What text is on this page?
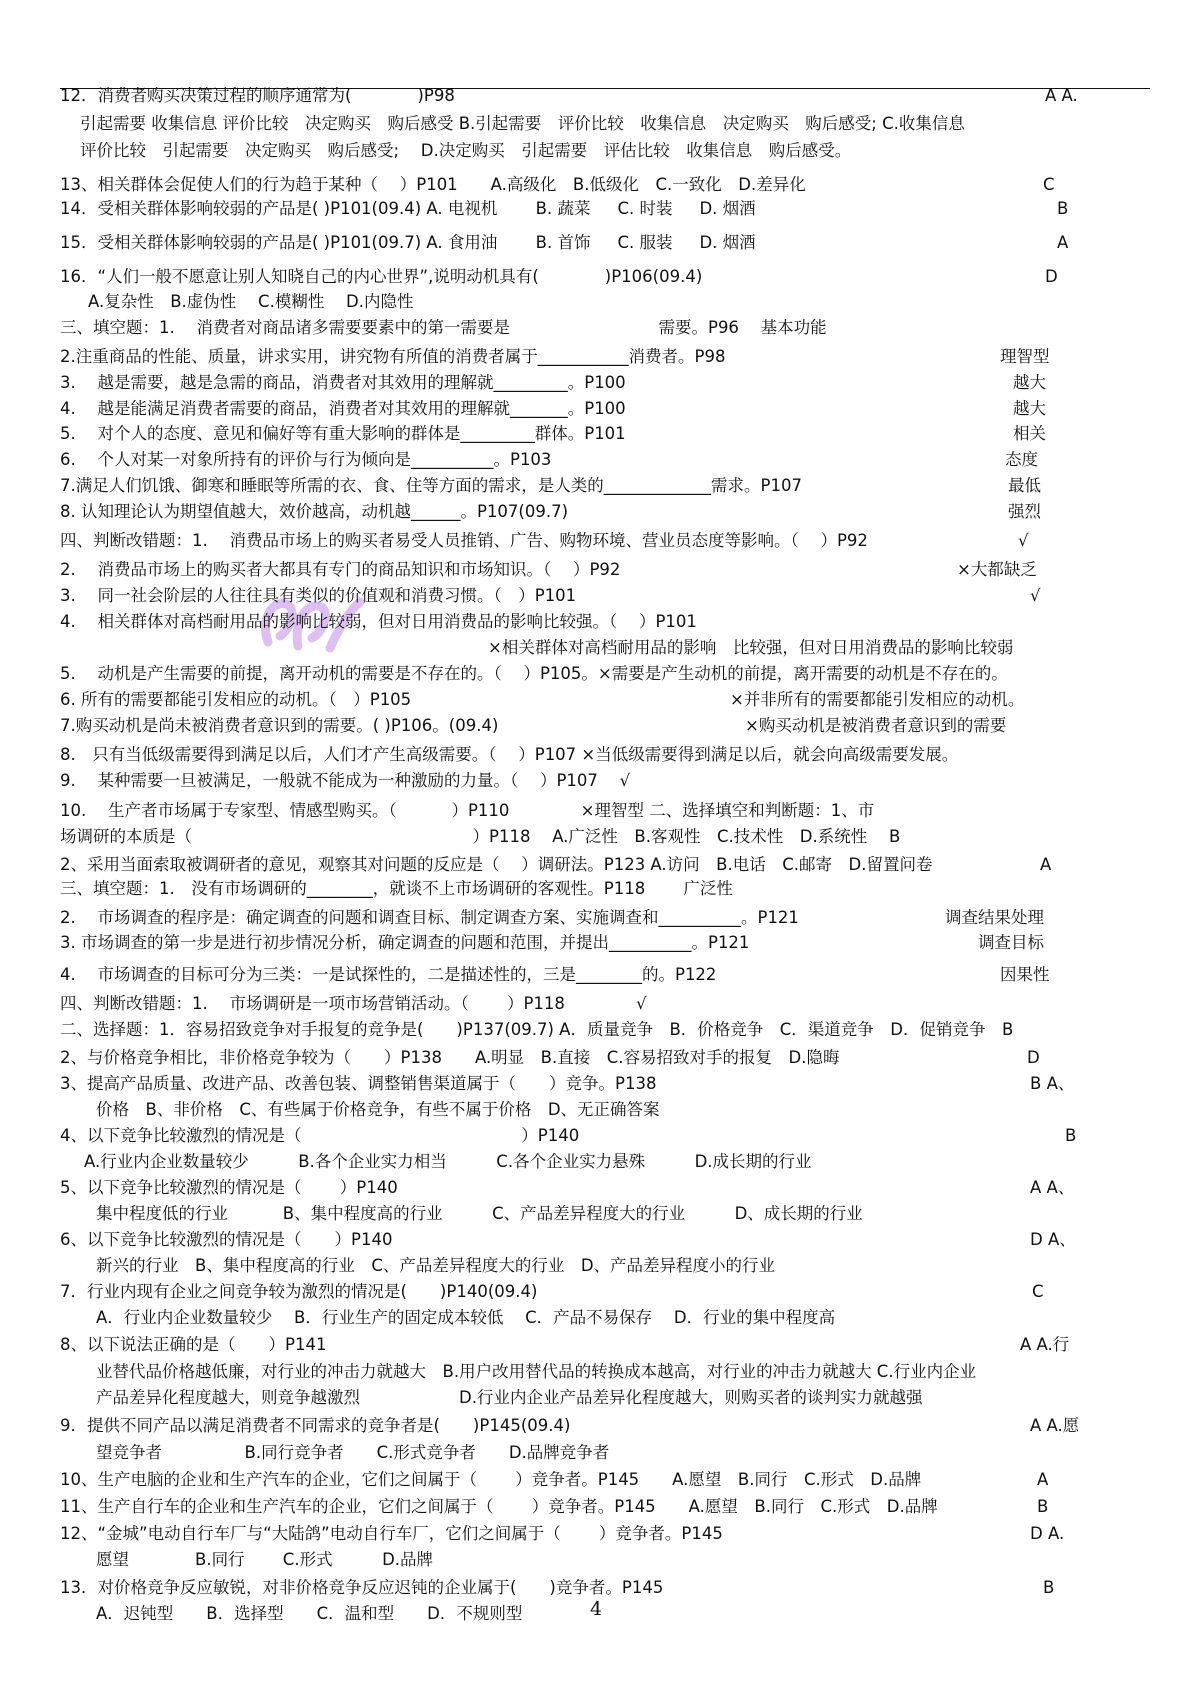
12．消费者购买决策过程的顺序通常为(　　　　)P98	A A.
引起需要 收集信息 评价比较　决定购买　购后感受 B.引起需要　评价比较　收集信息　决定购买　购后感受; C.收集信息
评价比较　引起需要　决定购买　购后感受;　 D.决定购买　引起需要　评估比较　收集信息　购后感受。
13、相关群体会促使人们的行为趋于某种（　 ）P101　　A.高级化　B.低级化　C.一致化　D.差异化	C
14．受相关群体影响较弱的产品是( )P101(09.4) A. 电视机 　　B. 蔬菜 　 C. 时装 　 D. 烟酒	B
15．受相关群体影响较弱的产品是( )P101(09.7) A. 食用油 　　B. 首饰 　 C. 服装 　 D. 烟酒	A
16．“人们一般不愿意让别人知晓自己的内心世界”,说明动机具有(　　　　)P106(09.4)	D
A.复杂性　B.虚伪性　 C.模糊性　 D.内隐性
三、填空题：1.　 消费者对商品诸多需要要素中的第一需要是　　　　　　　　　需要。P96　 基本功能
2.注重商品的性能、质量，讲求实用，讲究物有所值的消费者属于___________消费者。P98	理智型
3.　 越是需要，越是急需的商品，消费者对其效用的理解就_________。P100	越大
4.　 越是能满足消费者需要的商品，消费者对其效用的理解就_______。P100	越大
5.　 对个人的态度、意见和偏好等有重大影响的群体是_________群体。P101	相关
6.　 个人对某一对象所持有的评价与行为倾向是__________。P103	态度
7.满足人们饥饿、御寒和睡眠等所需的衣、食、住等方面的需求，是人类的_____________需求。P107	最低
8. 认知理论认为期望值越大，效价越高，动机越______。P107(09.7)	强烈
四、判断改错题：1.　 消费品市场上的购买者易受人员推销、广告、购物环境、营业员态度等影响。（　 ）P92	√
2.　 消费品市场上的购买者大都具有专门的商品知识和市场知识。（　 ）P92	×大都缺乏
3.　 同一社会阶层的人往往具有类似的价值观和消费习惯。（　）P101	√
4.　 相关群体对高档耐用品的影响比较弱，但对日用消费品的影响比较强。（　 ）P101
×相关群体对高档耐用品的影响　比较强，但对日用消费品的影响比较弱
5.　 动机是产生需要的前提，离开动机的需要是不存在的。（　 ）P105。×需要是产生动机的前提，离开需要的动机是不存在的。
6. 所有的需要都能引发相应的动机。（　）P105	×并非所有的需要都能引发相应的动机。
7.购买动机是尚未被消费者意识到的需要。( )P106。(09.4)	×购买动机是被消费者意识到的需要
8.　只有当低级需要得到满足以后，人们才产生高级需要。（　 ）P107 ×当低级需要得到满足以后，就会向高级需要发展。
9.　 某种需要一旦被满足，一般就不能成为一种激励的力量。（　 ）P107　 √
10.　 生产者市场属于专家型、情感型购买。（　　　 ）P110　　　　 ×理智型 二、选择填空和判断题：1、市
场调研的本质是（　　　　　　　　　　　　　　　　　）P118　 A.广泛性　B.客观性　C.技术性　D.系统性　 B
2、采用当面索取被调研者的意见，观察其对问题的反应是（　 ）调研法。P123 A.访问　B.电话　C.邮寄　D.留置问卷	A
三、填空题：1.　没有市场调研的________，就谈不上市场调研的客观性。P118　　 广泛性
2.　 市场调查的程序是：确定调查的问题和调查目标、制定调查方案、实施调查和__________。P121	调查结果处理
3. 市场调查的第一步是进行初步情况分析，确定调查的问题和范围，并提出__________。P121	调查目标
4.　 市场调查的目标可分为三类：一是试探性的，二是描述性的，三是________的。P122	因果性
四、判断改错题：1.　 市场调研是一项市场营销活动。（　　 ）P118　　　　 √
二、选择题：1．容易招致竞争对手报复的竞争是(　　)P137(09.7) A．质量竞争　B．价格竞争　C．渠道竞争　D．促销竞争　B
2、与价格竞争相比，非价格竞争较为（　　）P138　　A.明显　B.直接　C.容易招致对手的报复　D.隐晦	D
3、提高产品质量、改进产品、改善包装、调整销售渠道属于（　　）竞争。P138	B A、
价格　B、非价格　C、有些属于价格竞争，有些不属于价格　D、无正确答案
4、以下竞争比较激烈的情况是（　　　　　　　　　　　　　 ）P140	B
A.行业内企业数量较少　　　B.各个企业实力相当　　　C.各个企业实力悬殊　　　D.成长期的行业
5、以下竞争比较激烈的情况是（　　 ）P140	A A、
集中程度低的行业　　　 B、集中程度高的行业　　　C、产品差异程度大的行业　　　D、成长期的行业
6、以下竞争比较激烈的情况是（　　）P140	D A、
新兴的行业　B、集中程度高的行业　C、产品差异程度大的行业　D、产品差异程度小的行业
7．行业内现有企业之间竞争较为激烈的情况是(　　)P140(09.4)	C
A．行业内企业数量较少　 B．行业生产的固定成本较低　 C．产品不易保存　 D．行业的集中程度高
8、以下说法正确的是（　　）P141	A A.行
业替代品价格越低廉，对行业的冲击力就越大　B.用户改用替代品的转换成本越高，对行业的冲击力就越大 C.行业内企业
产品差异化程度越大，则竞争越激烈　　　　　　D.行业内企业产品差异化程度越大，则购买者的谈判实力就越强
9．提供不同产品以满足消费者不同需求的竞争者是(　　)P145(09.4)	A A.愿
望竞争者　　　　　B.同行竞争者　　C.形式竞争者　　D.品牌竞争者
10、生产电脑的企业和生产汽车的企业，它们之间属于（　　 ）竞争者。P145　　A.愿望　B.同行　C.形式　D.品牌	A
11、生产自行车的企业和生产汽车的企业，它们之间属于（　　 ）竞争者。P145　　A.愿望　B.同行　C.形式　D.品牌	B
12、“金城”电动自行车厂与“大陆鸽”电动自行车厂，它们之间属于（　　 ）竞争者。P145	D A.
愿望　　　　B.同行　　 C.形式　　　D.品牌
13．对价格竞争反应敏锐，对非价格竞争反应迟钝的企业属于(　　)竞争者。P145	B
A．迟钝型　　B．选择型　　C．温和型　　D．不规则型	4
